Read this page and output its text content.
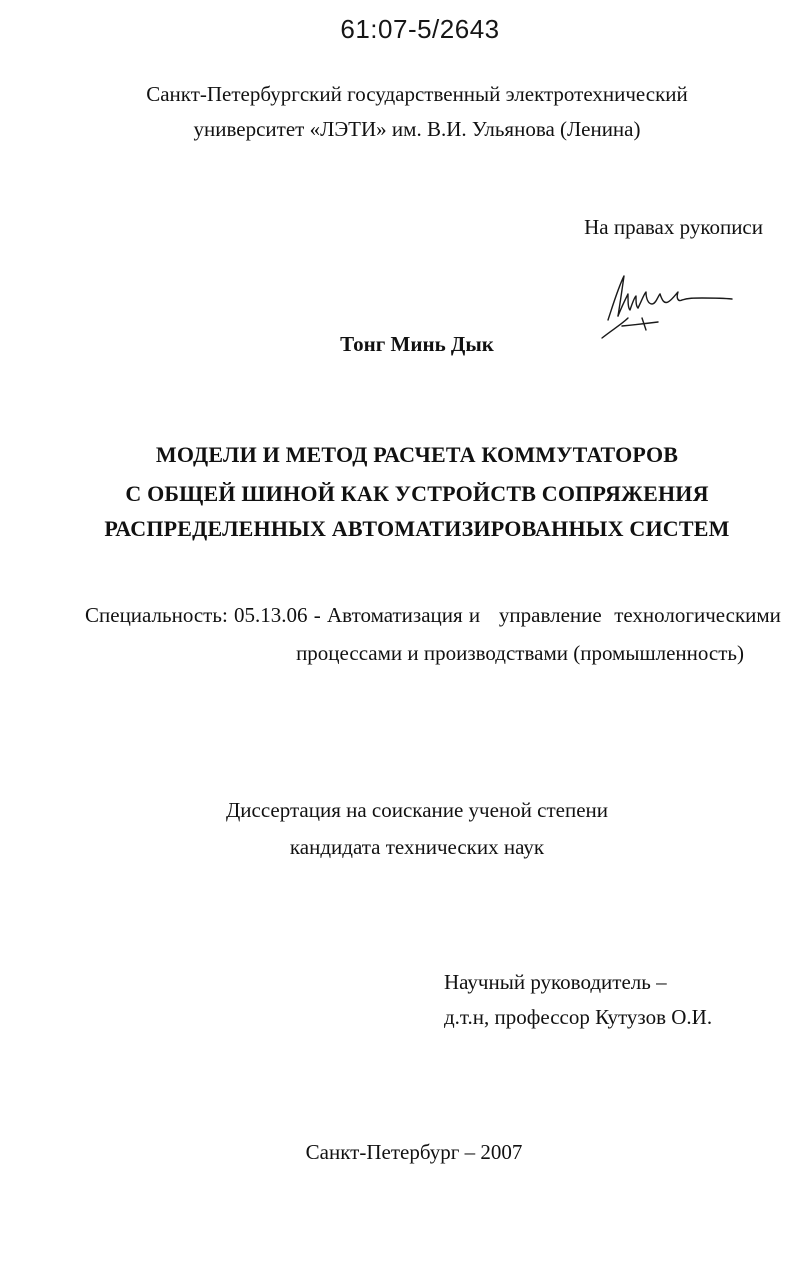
61:07-5/2643
Санкт-Петербургский государственный электротехнический
университет «ЛЭТИ» им. В.И. Ульянова (Ленина)
На правах рукописи
Тонг Минь Дык
МОДЕЛИ И МЕТОД РАСЧЕТА КОММУТАТОРОВ
С ОБЩЕЙ ШИНОЙ КАК УСТРОЙСТВ СОПРЯЖЕНИЯ
РАСПРЕДЕЛЕННЫХ АВТОМАТИЗИРОВАННЫХ СИСТЕМ
Специальность: 05.13.06 - Автоматизация и   управление  технологическими
процессами и производствами (промышленность)
Диссертация на соискание ученой степени
кандидата технических наук
Научный руководитель –
д.т.н, профессор Кутузов О.И.
Санкт-Петербург – 2007
